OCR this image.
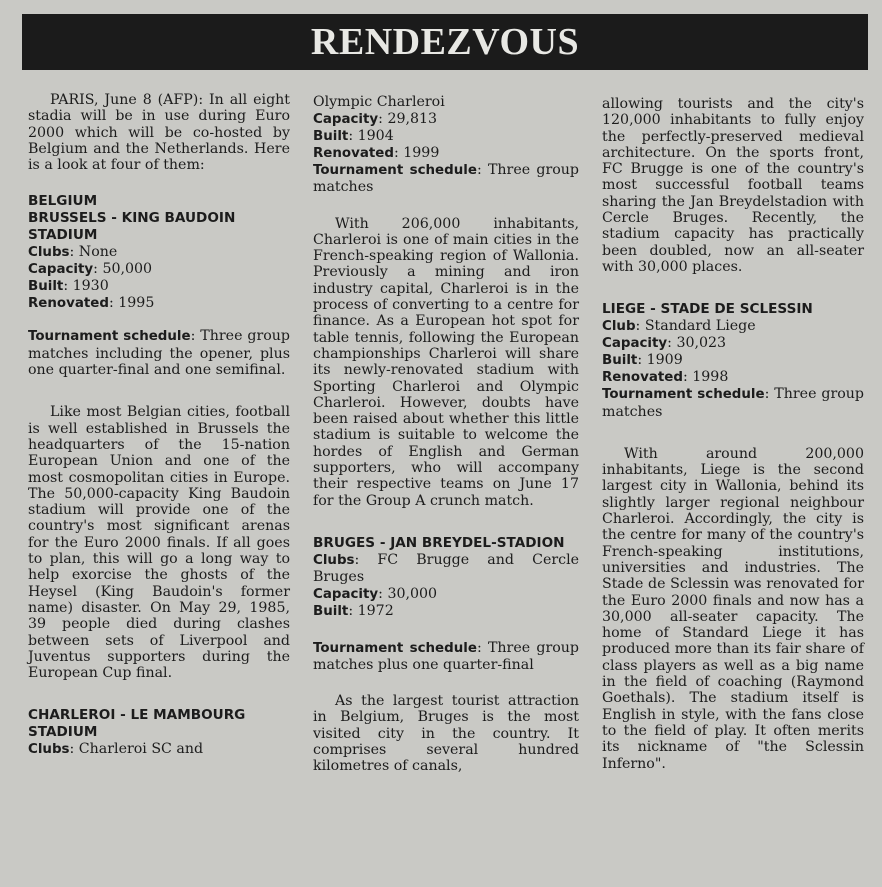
RENDEZVOUS

PARIS, June 8 (AFP): In all eight stadia will be in use during Euro 2000 which will be co-hosted by Belgium and the Netherlands. Here is a look at four of them:

BELGIUM
BRUSSELS - KING BAUDOIN STADIUM
Clubs: None
Capacity: 50,000
Built: 1930
Renovated: 1995

Tournament schedule: Three group matches including the opener, plus one quarter-final and one semifinal.

Like most Belgian cities, football is well established in Brussels the headquarters of the 15-nation European Union and one of the most cosmopolitan cities in Europe. The 50,000-capacity King Baudoin stadium will provide one of the country's most significant arenas for the Euro 2000 finals. If all goes to plan, this will go a long way to help exorcise the ghosts of the Heysel (King Baudoin's former name) disaster. On May 29, 1985, 39 people died during clashes between sets of Liverpool and Juventus supporters during the European Cup final.

CHARLEROI - LE MAMBOURG STADIUM
Clubs: Charleroi SC and
Olympic Charleroi
Capacity: 29,813
Built: 1904
Renovated: 1999

Tournament schedule: Three group matches

With 206,000 inhabitants, Charleroi is one of main cities in the French-speaking region of Wallonia. Previously a mining and iron industry capital, Charleroi is in the process of converting to a centre for finance. As a European hot spot for table tennis, following the European championships Charleroi will share its newly-renovated stadium with Sporting Charleroi and Olympic Charleroi. However, doubts have been raised about whether this little stadium is suitable to welcome the hordes of English and German supporters, who will accompany their respective teams on June 17 for the Group A crunch match.

BRUGES - JAN BREYDEL-STADION

Clubs: FC Brugge and Cercle Bruges

Capacity: 30,000
Built: 1972

Tournament schedule: Three group matches plus one quarter-final

As the largest tourist attraction in Belgium, Bruges is the most visited city in the country. It comprises several hundred kilometres of canals,

allowing tourists and the city's 120,000 inhabitants to fully enjoy the perfectly-preserved medieval architecture. On the sports front, FC Brugge is one of the country's most successful football teams sharing the Jan Breydelstadion with Cercle Bruges. Recently, the stadium capacity has practically been doubled, now an all-seater with 30,000 places.

LIEGE - STADE DE SCLESSIN
Club: Standard Liege
Capacity: 30,023
Built: 1909
Renovated: 1998

Tournament schedule: Three group matches

With around 200,000 inhabitants, Liege is the second largest city in Wallonia, behind its slightly larger regional neighbour Charleroi. Accordingly, the city is the centre for many of the country's French-speaking institutions, universities and industries. The Stade de Sclessin was renovated for the Euro 2000 finals and now has a 30,000 all-seater capacity. The home of Standard Liege it has produced more than its fair share of class players as well as a big name in the field of coaching (Raymond Goethals). The stadium itself is English in style, with the fans close to the field of play. It often merits its nickname of "the Sclessin Inferno".
